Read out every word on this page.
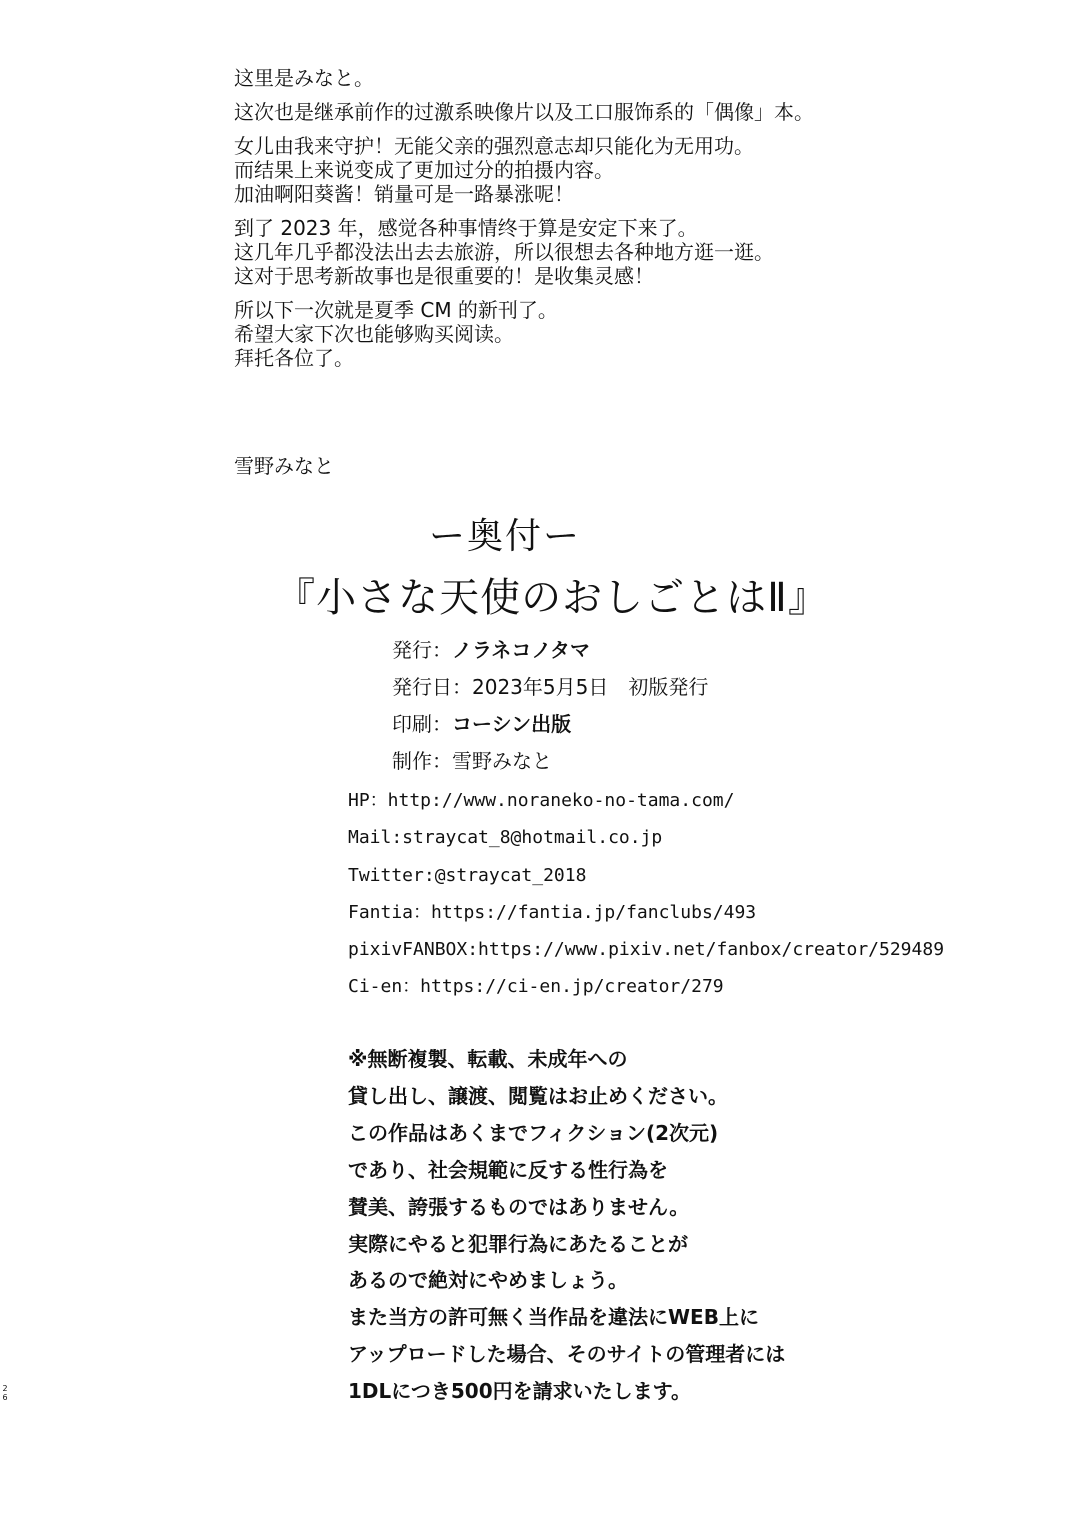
这里是みなと。

这次也是继承前作的过激系映像片以及工口服饰系的「偶像」本。

女儿由我来守护！无能父亲的强烈意志却只能化为无用功。
而结果上来说变成了更加过分的拍摄内容。
加油啊阳葵酱！销量可是一路暴涨呢！

到了 2023 年，感觉各种事情终于算是安定下来了。
这几年几乎都没法出去去旅游，所以很想去各种地方逛一逛。
这对于思考新故事也是很重要的！是收集灵感！

所以下一次就是夏季 CM 的新刊了。
希望大家下次也能够购买阅读。
拜托各位了。

雪野みなと
ー奥付ー
『小さな天使のおしごとはⅡ』
発行：ノラネコノタマ
発行日：2023年5月5日　初版発行
印刷：コーシン出版
制作：雪野みなと
HP：http://www.noraneko-no-tama.com/
Mail:straycat_8@hotmail.co.jp
Twitter:@straycat_2018
Fantia：https://fantia.jp/fanclubs/493
pixivFANBOX:https://www.pixiv.net/fanbox/creator/529489
Ci-en：https://ci-en.jp/creator/279
※無断複製、転載、未成年への
貸し出し、譲渡、閲覧はお止めください。
この作品はあくまでフィクション(2次元)
であり、社会規範に反する性行為を
賛美、誇張するものではありません。
実際にやると犯罪行為にあたることが
あるので絶対にやめましょう。
また当方の許可無く当作品を違法にWEB上に
アップロードした場合、そのサイトの管理者には
1DLにつき500円を請求いたします。
2
6
